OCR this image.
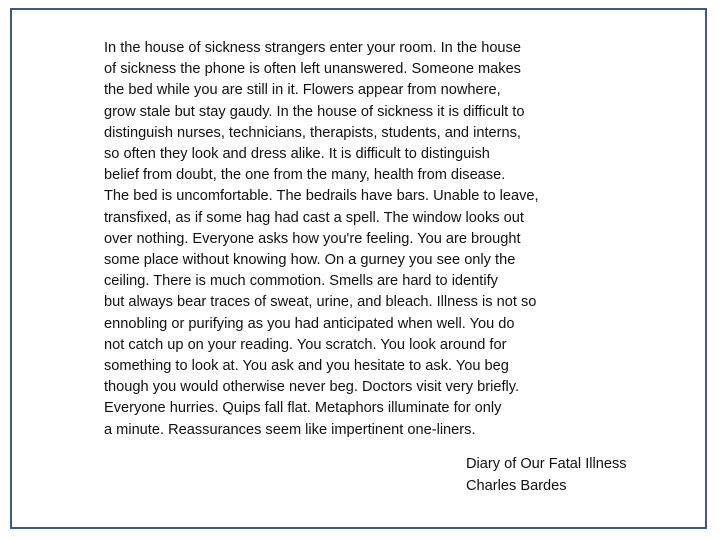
In the house of sickness strangers enter your room. In the house
of sickness the phone is often left unanswered. Someone makes
the bed while you are still in it. Flowers appear from nowhere,
grow stale but stay gaudy. In the house of sickness it is difficult to
distinguish nurses, technicians, therapists, students, and interns,
so often they look and dress alike. It is difficult to distinguish
belief from doubt, the one from the many, health from disease.
The bed is uncomfortable. The bedrails have bars. Unable to leave,
transfixed, as if some hag had cast a spell. The window looks out
over nothing. Everyone asks how you're feeling. You are brought
some place without knowing how. On a gurney you see only the
ceiling. There is much commotion. Smells are hard to identify
but always bear traces of sweat, urine, and bleach. Illness is not so
ennobling or purifying as you had anticipated when well. You do
not catch up on your reading. You scratch. You look around for
something to look at. You ask and you hesitate to ask. You beg
though you would otherwise never beg. Doctors visit very briefly.
Everyone hurries. Quips fall flat. Metaphors illuminate for only
a minute. Reassurances seem like impertinent one-liners.
Diary of Our Fatal Illness
Charles Bardes
